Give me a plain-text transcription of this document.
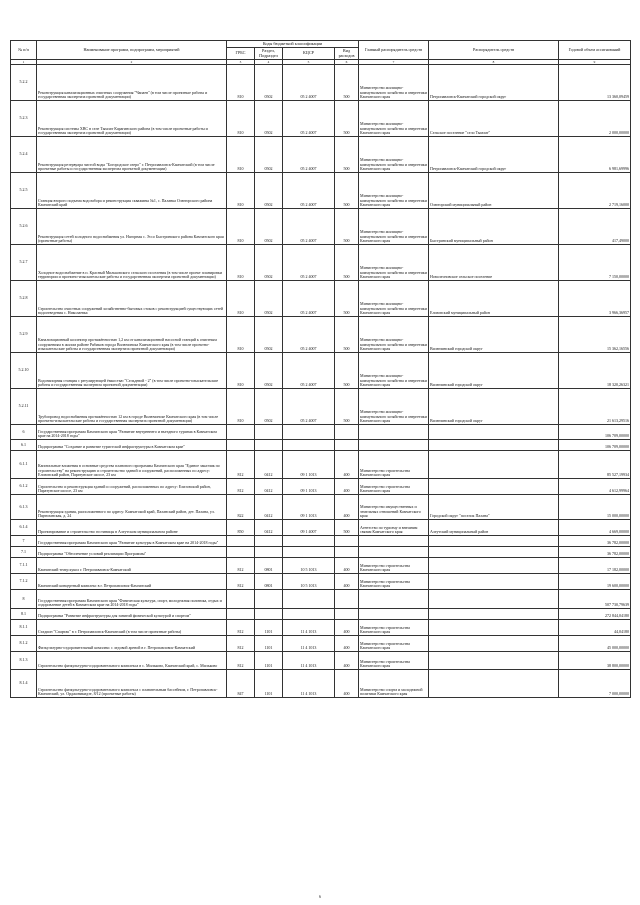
№ п/п	Наименование программ, подпрограмм, мероприятий	Коды бюджетной классификации				Главный распорядитель средств	Распорядитель средств	Годовой объем ассигнований
		ГРБС	Раздел, Подраздел	КЦСР	Вид расходов			
1	2	3	4	5	6	7	8	9
5.2.2	Реконструкция канализационных очистных сооружения "Чапаев" (в том числе проектные работы и государственная экспертиза проектной документации)	810	0502	05 2 4007	500	Министерство жилищно-коммунального хозяйства и энергетики Камчатского края	Петропавловск-Камчатский городской округ	13 360,09459
5.2.3	Реконструкция системы ХВС в селе Тымлат Карагинского района (в том числе проектные работы и государственная экспертиза проектной документации)	810	0502	05 2 4007	500	Министерство жилищно-коммунального хозяйства и энергетики Камчатского края	Сельское поселение "село Тымлат"	2 000,00000
5.2.4	Реконструкция резервуара чистой воды "Богородское озеро" г. Петропавловск-Камчатский (в том числе проектные работы и государственная экспертиза проектной документации)	810	0502	05 2 4007	500	Министерство жилищно-коммунального хозяйства и энергетики Камчатского края	Петропавловск-Камчатский городской округ	6 981,69996
5.2.5	Станция второго подъема водозабора и реконструкция скважины №1, с. Паланка Олюторского района Камчатский край	810	0502	05 2 4007	500	Министерство жилищно-коммунального хозяйства и энергетики Камчатского края	Олюторский муниципальный район	2 719,16000
5.2.6	Реконструкция сетей холодного водоснабжения ул. Нагорная с. Эссо Быстринского района Камчатского края (проектные работы)	810	0502	05 2 4007	500	Министерство жилищно-коммунального хозяйства и энергетики Камчатского края	Быстринский муниципальный район	417,49000
5.2.7	Холодное водоснабжение в п. Красный Мильковского сельского поселения (в том числе проект планировки территории и проектно-изыскательские работы и государственная экспертиза проектной документации)	810	0502	05 2 4007	500	Министерство жилищно-коммунального хозяйства и энергетики Камчатского края	Новолесновское сельское поселение	7 150,00000
5.2.8	Строительство очистных сооружений хозяйственно-бытовых стоков с реконструкцией существующих сетей водоотведения с. Николаевка	810	0502	05 2 4007	500	Министерство жилищно-коммунального хозяйства и энергетики Камчатского края	Елизовский муниципальный район	3 966,36957
5.2.9	Канализационный коллектор протяжённостью 1,2 км от канализационной насосной станций к очистным сооружениям в жилом районе Рябиков города Вилючинска Камчатского края (в том числе проектно-изыскательские работы и государственная экспертиза проектной документации)	810	0502	05 2 4007	500	Министерство жилищно-коммунального хозяйства и энергетики Камчатского края	Вилючинский городской округ	15 362,16556
5.2.10	Водонапорная станция с регулирующей ёмкостью "Сельдевой - 2" (в том числе проектно-изыскательские работы и государственная экспертиза проектной документации)	810	0502	05 2 4007	500	Министерство жилищно-коммунального хозяйства и энергетики Камчатского края	Вилючинский городской округ	18 320,26321
5.2.11	Трубопровод водоснабжения протяжённостью 12 км в городе Вилючинске Камчатского края (в том числе проектно-изыскательские работы и государственная экспертиза проектной документации)	810	0502	05 2 4007	500	Министерство жилищно-коммунального хозяйства и энергетики Камчатского края	Вилючинский городской округ	21 613,29516
6	Государственная программа Камчатского края "Развитие внутреннего и въездного туризма в Камчатском крае на 2014-2018 годы"							106 709,00000
6.1	Подпрограмма "Создание и развитие туристской инфраструктуры в Камчатском крае"							106 709,00000
6.1.1	Капитальные вложения в основные средства планового программы Камчатского края "Единое заказчик по строительству" на реконструкцию и строительство зданий и сооружений, расположенных по адресу: Елизовский район, Паратунское шоссе, 23 км	812	0412	09 1 1013	400	Министерство строительства Камчатского края		85 527,19934
6.1.2	Строительство и реконструкция зданий и сооружений, расположенных по адресу: Елизовский район, Паратунское шоссе, 23 км	812	0412	09 1 1013	400	Министерство строительства Камчатского края		4 612,99964
6.1.3	Реконструкция здания, расположенного по адресу: Камчатский край, Паланский район, дет. Палана, ул. Партизанская, д. 24	822	0412	09 1 1013	400	Министерство имущественных и земельных отношений Камчатского края	Городской округ "поселок Палана"	15 000,00000
6.1.4	Проектирование и строительство гостиницы в Алеутском муниципальном районе	850	0412	09 1 4007	500	Агентство по туризму и внешним связям Камчатского края	Алеутский муниципальный район	4 669,00000
7	Государственная программа Камчатского края "Развитие культуры в Камчатском крае на 2014-2018 годы"							36 782,00000
7.1	Подпрограмма "Обеспечение условий реализации Программы"							36 782,00000
7.1.1	Камчатский театр кукол г. Петропавловск-Камчатский	812	0801	10 5 1013	400	Министерство строительства Камчатского края		17 182,00000
7.1.2	Камчатский концертный комплекс в г. Петропавловск-Камчатский	812	0801	10 5 1013	400	Министерство строительства Камчатского края		19 600,00000
8	Государственная программа Камчатского края "Физическая культура, спорт, молодежная политика, отдых и оздоровление детей в Камчатском крае на 2014-2018 годы"							507 730,79639
8.1	Подпрограмма "Развитие инфраструктуры для занятий физической культурой и спортом"							272 844,04180
8.1.1	Стадион "Спартак" в г. Петропавловск-Камчатский (в том числе проектные работы)	812	1101	11 4 1013	400	Министерство строительства Камчатского края		44,04180
8.1.2	Физкультурно-оздоровительный комплекс с ледовой ареной в г. Петропавловск-Камчатский	812	1101	11 4 1013	400	Министерство строительства Камчатского края		45 000,00000
8.1.3	Строительство физкультурно-оздоровительного комплекса в с. Мильково, Камчатский край, с. Мильково	812	1101	11 4 1013	400	Министерство строительства Камчатского края		38 800,00000
8.1.4	Строительство физкультурно-оздоровительного комплекса с плавательным бассейном, г. Петропавловск-Камчатский, ул. Орджоникидзе, 8/12 (проектные работы)	847	1101	11 4 1013	400	Министерство спорта и молодежной политики Камчатского края		7 000,00000
6
